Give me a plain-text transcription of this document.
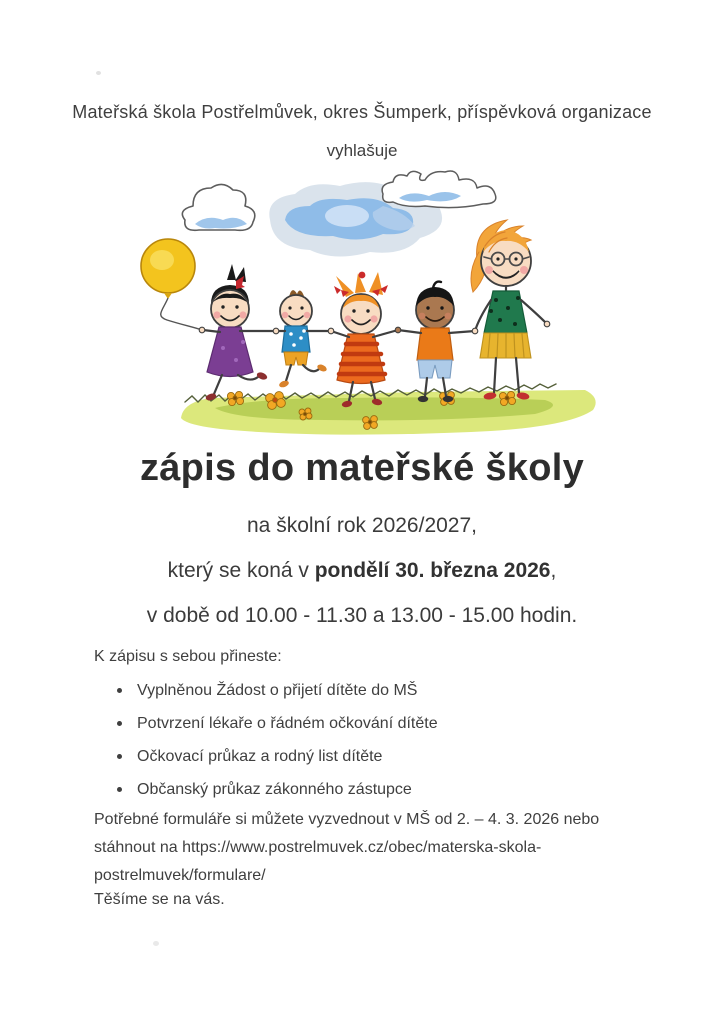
Mateřská škola Postřelmůvek, okres Šumperk, příspěvková organizace
vyhlašuje
zápis do mateřské školy
na školní rok 2026/2027,
který se koná v pondělí 30. března 2026,
v době od 10.00 - 11.30 a 13.00 - 15.00 hodin.
K zápisu s sebou přineste:
Vyplněnou Žádost o přijetí dítěte do MŠ
Potvrzení lékaře o řádném očkování dítěte
Očkovací průkaz a rodný list dítěte
Občanský průkaz zákonného zástupce
Potřebné formuláře si můžete vyzvednout v MŠ od 2. – 4. 3. 2026 nebo
stáhnout na https://www.postrelmuvek.cz/obec/materska-skola-
postrelmuvek/formulare/
Těšíme se na vás.
